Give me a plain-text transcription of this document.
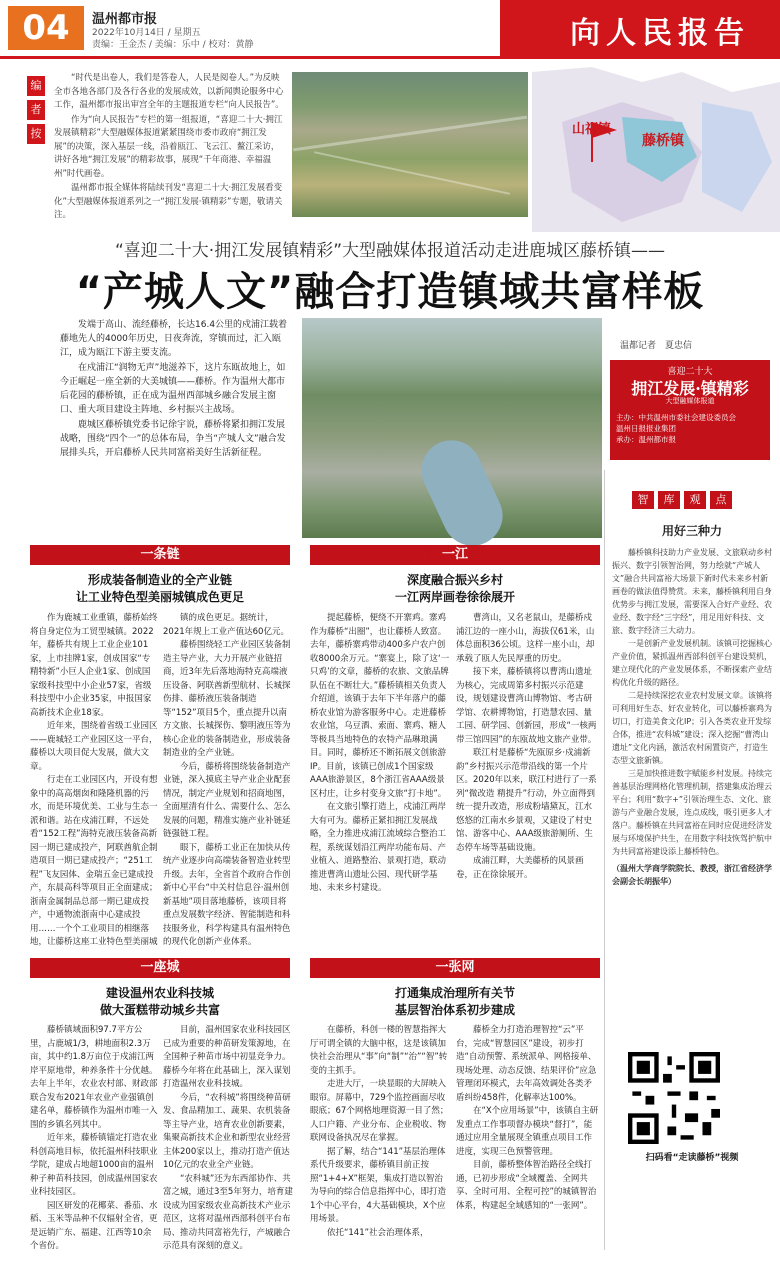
04	温州都市报
2022年10月14日 / 星期五
责编：王金杰 / 美编：乐中 / 校对：黄静	向人民报告
编
者
按

“时代是出卷人，我们是答卷人，人民是阅卷人。”为反映全市各地各部门及各行各业的发展成效，以新闻舆论服务中心工作，温州都市报出审宫全年的主题报道专栏“向人民报告”。

作为“向人民报告”专栏的第一组报道，“喜迎二十大·拥江发展镇精彩”大型融媒体报道紧紧围绕市委市政府“拥江发展”的决策，深入基层一线，沿着瓯江、飞云江、鳌江采访，讲好各地“拥江发展”的精彩故事，展现“千年商港、幸福温州”时代画卷。

温州都市报全媒体将陆续刊发“喜迎二十大·拥江发展看变化”大型融媒体报道系列之一“拥江发展·镇精彩”专题，敬请关注。

山福镇
藤桥镇
“喜迎二十大·拥江发展镇精彩”大型融媒体报道活动走进鹿城区藤桥镇——
“产城人文”融合打造镇域共富样板

发端于高山、流经藤桥，长达16.4公里的戍浦江载着藤地先人的4000年历史，日夜奔流，穿镇而过，汇入瓯江，成为瓯江下游主要支流。

在戍浦江“润物无声”地滋养下，这片东瓯故地上，如今正崛起一座全新的大美城镇——藤桥。作为温州大都市后花园的藤桥镇，正在成为温州西部城乡融合发展主窗口、重大项目建设主阵地、乡村振兴主战场。

鹿城区藤桥镇党委书记徐宇说，藤桥将紧扣拥江发展战略，围绕“四个一”的总体布局，争当“产城人文”融合发展排头兵，开启藤桥人民共同富裕美好生活新征程。

温都记者　夏忠信
喜迎二十大
拥江发展·镇精彩
大型融媒体报道
主办：中共温州市委社会建设委员会
温州日报报业集团
承办：温州都市报
一条链
形成装备制造业的全产业链
让工业特色型美丽城镇成色更足

作为鹿城工业重镇，藤桥始终将自身定位为工贸型城镇。2022年，藤桥共有规上工业企业101家，上市挂牌1家，创成国家“专精特新”小巨人企业1家、创成国家级科技型中小企业57家，省级科技型中小企业35家，申报国家高新技术企业18家。

近年来，围绕着省级工业园区——鹿城轻工产业园区这一平台，藤桥以大项目促大发展，做大文章。

行走在工业园区内，开设有想象中的高高烟囱和隆隆机器的污水，而是环境优美、工业与生态一派和谐。站在戍浦江畔，不远处看“152工程”海特克液压装备高新园一期已建成投产，阿联酋航企制造项目一期已建成投产；“251工程”飞友园体、金瑞五金已建成投产，东晨高科等项目正全面建成；浙南金属制品总部一期已建成投产，中通物流浙南中心建成投用……一个个工业项目的相继落地，让藤桥这座工业特色型美丽城

镇的成色更足。据统计，2021年规上工业产值达60亿元。

藤桥围绕轻工产业园区装备制造主导产业，大力开展产业链招商，近3年先后落地海特克高端液压设备、阿联酋新型航材、长城探伤排、藤桥液压装备制造等“152”项目5个，重点提升以南方文旅、长城探伤、黎明液压等为核心企业的装备制造业，形成装备制造业的全产业链。

今后，藤桥将围绕装备制造产业链，深入摸底主导产业企业配套情况，制定产业规划和招商地图，全面厘清有什么、需要什么、怎么发展的问题，精准实施产业补链延链强链工程。

眼下，藤桥工业正在加快从传统产业逐步向高端装备智造业转型升级。去年，全省首个政府合作创新中心平台“中关村信息谷·温州创新基地”项目落地藤桥，该项目将重点发展数字经济、智能制造和科技服务业，科学构建具有温州特色的现代化创新产业体系。

一江
深度融合振兴乡村
一江两岸画卷徐徐展开

提起藤桥，便绕不开寨鸡。寨鸡作为藤桥“出圈”，也让藤桥人致富。去年，藤桥寨鸡带动400多户农户创收8000余万元。“寨宴上，除了这‘一只鸡’的文章，藤桥的农旅、文旅品牌队伍在不断壮大。”藤桥镇相关负责人介绍道，该镇于去年下半年落户的藤桥农业馆为游客服务中心。走进藤桥农业馆，乌豆酒、索面、寨鸡、糖人等极具当地特色的农特产品琳琅满目。同时，藤桥还不断拓展文创旅游IP。目前，该镇已创成1个国家级AAA旅游景区，8个浙江省AAA级景区村庄，让乡村变身文旅“打卡地”。

在文旅引擎打造上，戍浦江两岸大有可为。藤桥正紧扣拥江发展战略，全力推进戍浦江流域综合整治工程，系统谋划沿江两岸功能布局、产业植入、道路整治、景观打造，联动推进曹湾山遗址公园、现代研学基地、未来乡村建设。

曹湾山，又名老鼠山，是藤桥戍浦江边的一座小山，海拔仅61米，山体总面积36公顷。这样一座小山，却承载了瓯人先民厚重的历史。

接下来，藤桥镇将以曹湾山遗址为核心，完成周第多村振兴示范建设，规划建设曹湾山博物馆、考古研学馆、农耕博物馆，打造慧农园、量工园、研学园、创新园，形成“一核两带三馆四园”的东瓯故地文旅产业带。

联江村是藤桥“先瓯原乡·戍浦新韵”乡村振兴示范带沿线的第一个片区。2020年以来，联江村进行了一系列“微改造 精提升”行动，外立面得到统一提升改造，形成粉墙黛瓦，江水悠悠的江南水乡景观，又建设了村史馆、游客中心、AAA级旅游厕所、生态停车场等基础设施。

成浦江畔，大美藤桥的风景画卷，正在徐徐展开。

一座城
建设温州农业科技城
做大蛋糕带动城乡共富

藤桥镇域面积97.7平方公里，占鹿城1/3，耕地面积2.3万亩，其中约1.8万亩位于戍浦江两岸平原地带，种养条件十分优越。去年上半年，农业农村部、财政部联合发布2021年农业产业强镇创建名单，藤桥镇作为温州市唯一入围的乡镇名列其中。

近年来，藤桥镇锚定打造农业科创高地目标，依托温州科技职业学院，建成占地超1000亩的温州种子种苗科技园，创成温州国家农业科技园区。

园区研发的花椰菜、番茄、水稻、玉米等品种不仅辐射全省，更是远销广东、福建、江西等10余个省份。

目前，温州国家农业科技园区已成为重要的种苗研发策源地，在全国种子种苗市场中初显竞争力。藤桥今年将在此基础上，深入谋划打造温州农业科技城。

今后，“农科城”将围绕种苗研发、食品精加工、蔬果、农机装备等主导产业，培育农业创新要素，集聚高新技术企业和新型农业经营主体200家以上，推动打造产值达10亿元的农业全产业链。

“农科城”还为东西部协作、共富之城，通过3至5年努力，培育建设成为国家级农业高新技术产业示范区，这将对温州西部科创平台布局、推动共同富裕先行，产城融合示范具有深刻的意义。

一张网
打通集成治理所有关节
基层智治体系初步建成

在藤桥，科创一楼的智慧指挥大厅可谓全镇的大脑中枢，这是该镇加快社会治理从“事”向“制”“治”“智”转变的主抓手。

走进大厅，一块显眼的大屏映入眼帘。屏幕中，729个监控画面尽收眼底；67个网格地理资源一目了然；人口户籍、产业分布、企业税收、物联网设备执况尽在掌握。

据了解，结合“141”基层治理体系代升级要求，藤桥镇目前正按照“1+4+X”框架，集成打造以智治为导向的综合信息指挥中心，即打造1个中心平台，4大基础模块，X个应用场景。

依托“141”社会治理体系，

藤桥全力打造治理智控“云”平台，完成“智慧园区”建设，初步打造“自动预警、系统派单、网格接单、现场处理、动态反馈、结果评价”应急管理闭环模式，去年高效调处各类矛盾纠纷458件，化解率达100%。

在“X个应用场景”中，该镇自主研发重点工作事项督办模块“督打”，能通过应用全量展现全镇重点项目工作进度，实现三色预警管理。

目前，藤桥整体智治路径全线打通，已初步形成“全域覆盖、全网共享、全时可用、全程可控”的城镇智治体系，构建起全域感知的“一张网”。

智 库 观 点
用好三种力

藤桥镇科技助力产业发展、文旅联动乡村振兴、数字引领智治网，努力绘就“产城人文”融合共同富裕大场景下新时代未来乡村新画卷的做法值得赞赏。未来，藤桥镇利用自身优势步与拥江发展，需要深入合好产业经、农业经、数字经“三字经”，用足用好科技、文旅、数字经济三大动力。

一是创新产业发展机制。该镇可挖掘核心产业价值，紧抓温州西部科创平台建设契机，建立现代化的产业发展体系，不断探索产业结构优化升级的路径。

二是持续深挖农业农村发展文章。该镇将可利用好生态、好农业转化，可以藤桥寨鸡为切口，打造美食文化IP；引入各类农业开发综合体，推进“农科城”建设；深入挖掘“曹湾山遗址”文化内涵，激活农村闲置资产，打造生态型文旅新镇。

三是加快推进数字赋能乡村发展。持续完善基层治理网格化管理机制，搭建集成治理云平台；利用“数字+”引领治理生态、文化、旅游与产业融合发展，连点成线，吸引更多人才落户。藤桥镇在共同富裕在同时应促进经济发展与环境保护共生，在用数字科技恢驾护航中为共同富裕建设添上藤桥特色。

（温州大学商学院院长、教授，浙江省经济学会副会长胡振华）
扫码看“走读藤桥”视频
